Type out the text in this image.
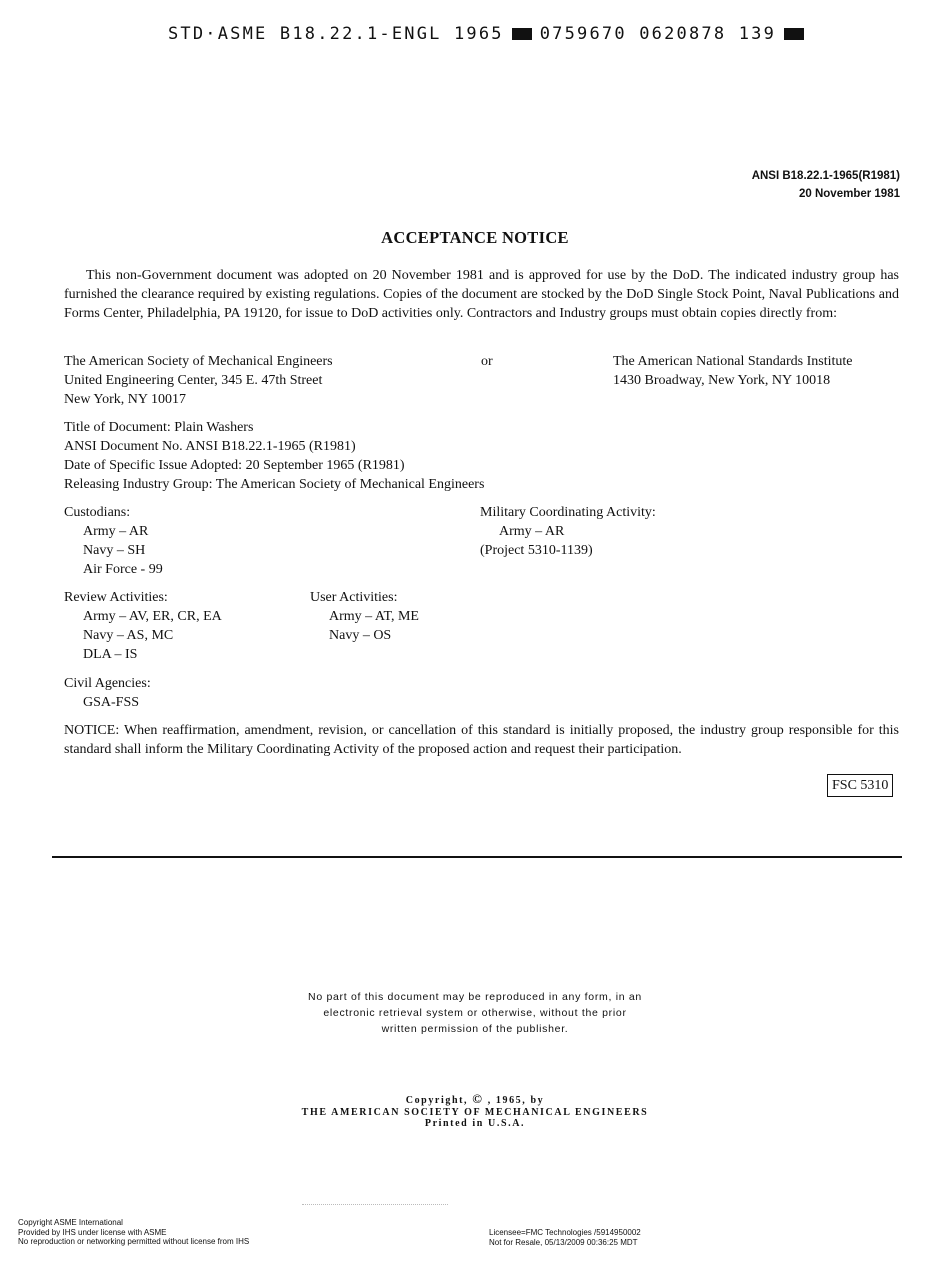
STD·ASME B18.22.1-ENGL 1965 0759670 0620878 139
ANSI B18.22.1-1965(R1981)
20 November 1981
ACCEPTANCE NOTICE
This non-Government document was adopted on 20 November 1981 and is approved for use by the DoD. The indicated industry group has furnished the clearance required by existing regulations. Copies of the document are stocked by the DoD Single Stock Point, Naval Publications and Forms Center, Philadelphia, PA 19120, for issue to DoD activities only. Contractors and Industry groups must obtain copies directly from:
The American Society of Mechanical Engineers
United Engineering Center, 345 E. 47th Street
New York, NY 10017
or	The American National Standards Institute
1430 Broadway, New York, NY 10018
Title of Document: Plain Washers
ANSI Document No. ANSI B18.22.1-1965 (R1981)
Date of Specific Issue Adopted: 20 September 1965 (R1981)
Releasing Industry Group: The American Society of Mechanical Engineers
Custodians:
Army – AR
Navy – SH
Air Force - 99
Military Coordinating Activity:
Army – AR
(Project 5310-1139)
Review Activities:
Army – AV, ER, CR, EA
Navy – AS, MC
DLA – IS
User Activities:
Army – AT, ME
Navy – OS
Civil Agencies:
GSA-FSS
NOTICE: When reaffirmation, amendment, revision, or cancellation of this standard is initially proposed, the industry group responsible for this standard shall inform the Military Coordinating Activity of the proposed action and request their participation.
FSC 5310
No part of this document may be reproduced in any form, in an
electronic retrieval system or otherwise, without the prior
written permission of the publisher.
Copyright, © , 1965, by
THE AMERICAN SOCIETY OF MECHANICAL ENGINEERS
Printed in U.S.A.
Copyright ASME International
Provided by IHS under license with ASME
No reproduction or networking permitted without license from IHS
Licensee=FMC Technologies /5914950002
Not for Resale, 05/13/2009 00:36:25 MDT
